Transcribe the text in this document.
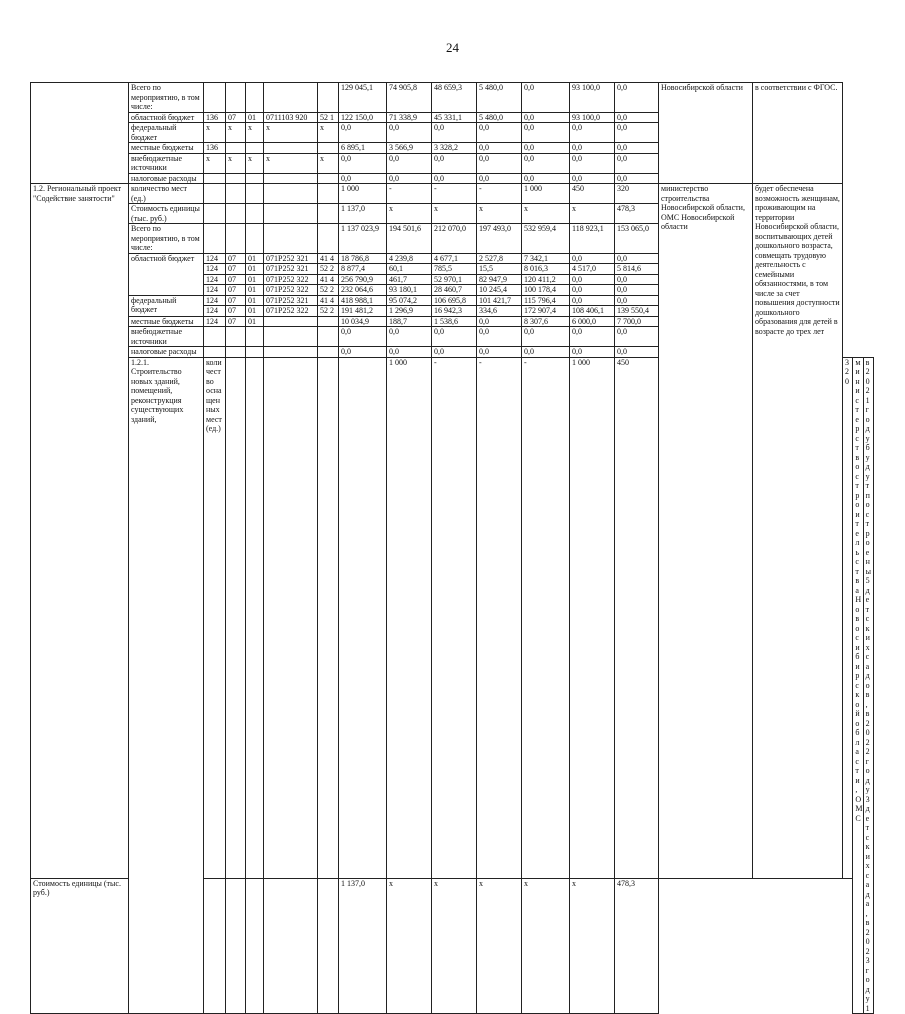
24
	Всего по мероприятию, в том числе:						129 045,1	74 905,8	48 659,3	5 480,0	0,0	93 100,0	0,0	Новосибирской области	в соответствии с ФГОС.			
	областной бюджет	136	07	01	0711103 920	52 1	122 150,0	71 338,9	45 331,1	5 480,0	0,0	93 100,0	0,0					
	федеральный бюджет	x	x	x	x	x	0,0	0,0	0,0	0,0	0,0	0,0	0,0					
	местные бюджеты	136					6 895,1	3 566,9	3 328,2	0,0	0,0	0,0	0,0					
	внебюджетные источники	x	x	x	x	x	0,0	0,0	0,0	0,0	0,0	0,0	0,0					
	налоговые расходы						0,0	0,0	0,0	0,0	0,0	0,0	0,0					
1.2. Региональный проект "Содействие занятости"	количество мест (ед.)						1 000	-	-	-	1 000	450	320	министерство строительства Новосибирской области, ОМС Новосибирской области	будет обеспечена возможность женщинам, проживающим на территории Новосибирской области, воспитывающих детей дошкольного возраста, совмещать трудовую деятельность с семейными обязанностями, в том числе за счет повышения доступности дошкольного образования для детей в возрасте до трех лет			
	Стоимость единицы (тыс. руб.)						1 137,0	x	x	x	x	x	478,3					
	Всего по мероприятию, в том числе:						1 137 023,9	194 501,6	212 070,0	197 493,0	532 959,4	118 923,1	153 065,0					
	областной бюджет	124	07	01	071P252 321	41 4	18 786,8	4 239,8	4 677,1	2 527,8	7 342,1	0,0	0,0					
		124	07	01	071P252 321	52 2	8 877,4	60,1	785,5	15,5	8 016,3	4 517,0	5 814,6					
		124	07	01	071P252 322	41 4	256 790,9	461,7	52 970,1	82 947,9	120 411,2	0,0	0,0					
		124	07	01	071P252 322	52 2	232 064,6	93 180,1	28 460,7	10 245,4	100 178,4	0,0	0,0					
	федеральный бюджет	124	07	01	071P252 321	41 4	418 988,1	95 074,2	106 695,8	101 421,7	115 796,4	0,0	0,0					
		124	07	01	071P252 322	52 2	191 481,2	1 296,9	16 942,3	334,6	172 907,4	108 406,1	139 550,4					
	местные бюджеты	124	07	01			10 034,9	188,7	1 538,6	0,0	8 307,6	6 000,0	7 700,0					
	внебюджетные источники						0,0	0,0	0,0	0,0	0,0	0,0	0,0					
	налоговые расходы						0,0	0,0	0,0	0,0	0,0	0,0	0,0					
	1.2.1. Строительство новых зданий, помещений, реконструкция существующих зданий,	количество оснащенных мест (ед.)						1 000	-	-	-	1 000	450			320	министерство строительства Новосибирской области, ОМС	в 2021 году будут построены 5 детских садов, в 2022 году 3 детских сада, в 2023 году 1
Стоимость единицы (тыс. руб.)							1 137,0	x	x	x	x	x	478,3					
